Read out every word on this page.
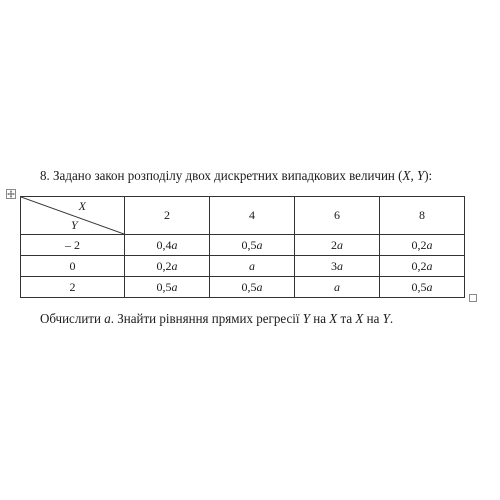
8. Задано закон розподілу двох дискретних випадкових величин (X, Y):
X
Y	2	4	6	8
– 2	0,4a	0,5a	2a	0,2a
0	0,2a	a	3a	0,2a
2	0,5a	0,5a	a	0,5a
Обчислити a. Знайти рівняння прямих регресії Y на X та X на Y.
